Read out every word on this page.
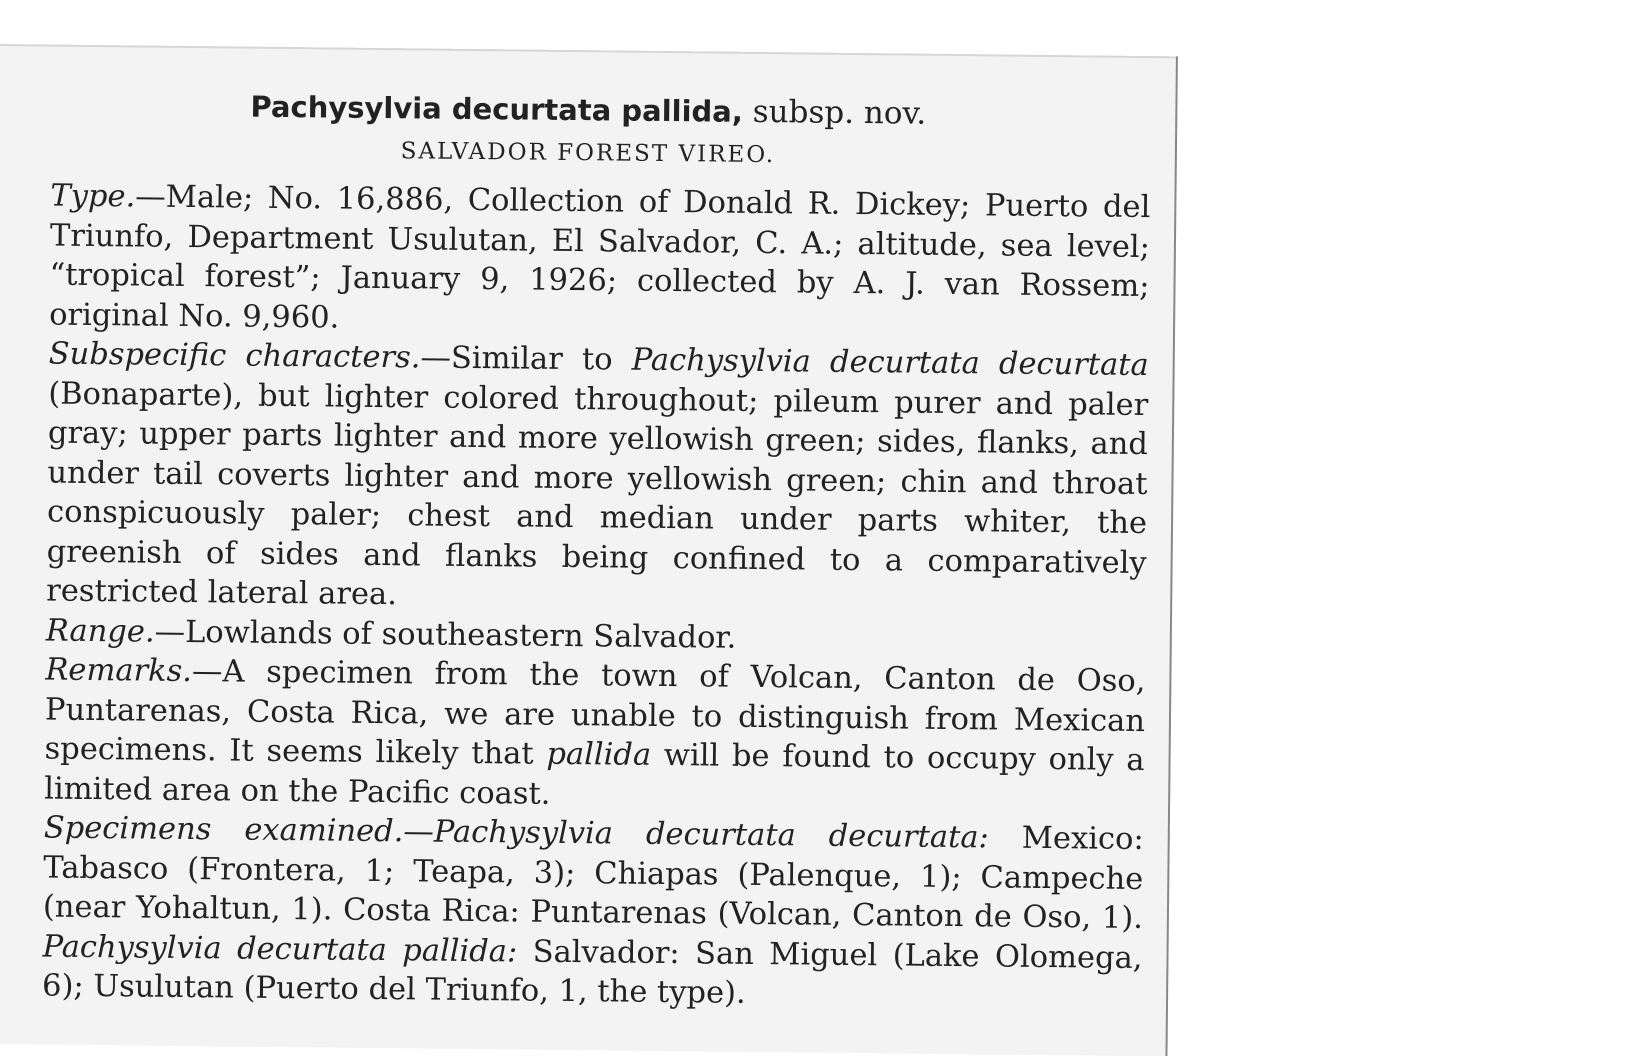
Pachysylvia decurtata pallida, subsp. nov.
SALVADOR FOREST VIREO.

Type.—Male; No. 16,886, Collection of Donald R. Dickey; Puerto del Triunfo, Department Usulutan, El Salvador, C. A.; altitude, sea level; “tropical forest”; January 9, 1926; collected by A. J. van Rossem; original No. 9,960.

Subspecific characters.—Similar to Pachysylvia decurtata decurtata (Bonaparte), but lighter colored throughout; pileum purer and paler gray; upper parts lighter and more yellowish green; sides, flanks, and under tail coverts lighter and more yellowish green; chin and throat conspicuously paler; chest and median under parts whiter, the greenish of sides and flanks being confined to a comparatively restricted lateral area.

Range.—Lowlands of southeastern Salvador.

Remarks.—A specimen from the town of Volcan, Canton de Oso, Puntarenas, Costa Rica, we are unable to distinguish from Mexican specimens. It seems likely that pallida will be found to occupy only a limited area on the Pacific coast.

Specimens examined.—Pachysylvia decurtata decurtata: Mexico: Tabasco (Frontera, 1; Teapa, 3); Chiapas (Palenque, 1); Campeche (near Yohaltun, 1). Costa Rica: Puntarenas (Volcan, Canton de Oso, 1). Pachysylvia decurtata pallida: Salvador: San Miguel (Lake Olomega, 6); Usulutan (Puerto del Triunfo, 1, the type).
